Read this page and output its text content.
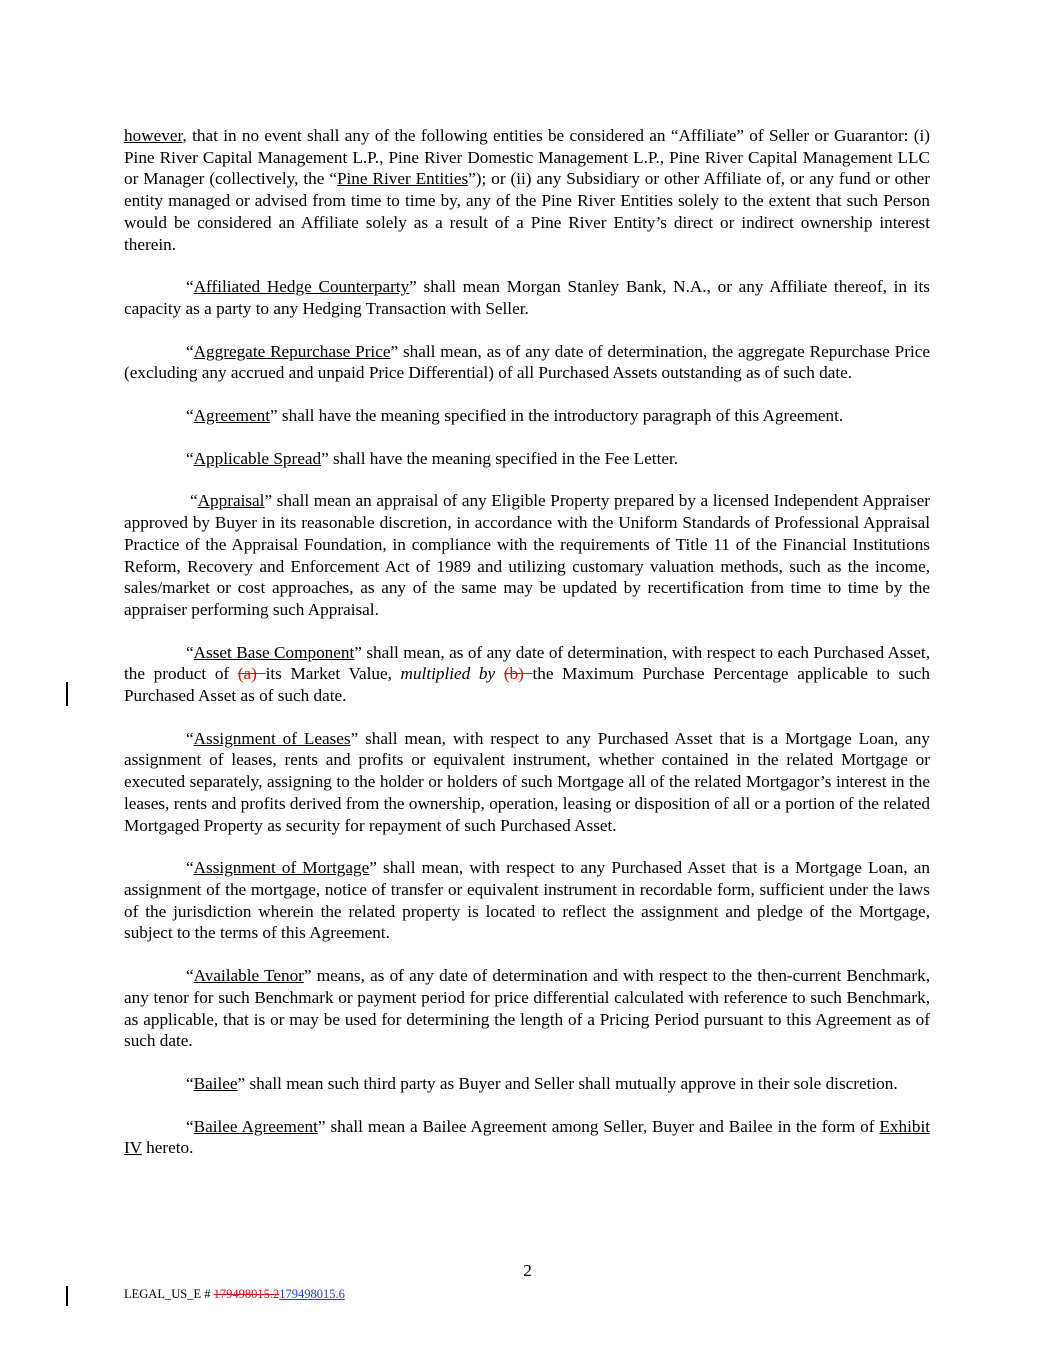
however, that in no event shall any of the following entities be considered an “Affiliate” of Seller or Guarantor: (i) Pine River Capital Management L.P., Pine River Domestic Management L.P., Pine River Capital Management LLC or Manager (collectively, the “Pine River Entities”); or (ii) any Subsidiary or other Affiliate of, or any fund or other entity managed or advised from time to time by, any of the Pine River Entities solely to the extent that such Person would be considered an Affiliate solely as a result of a Pine River Entity’s direct or indirect ownership interest therein.

“Affiliated Hedge Counterparty” shall mean Morgan Stanley Bank, N.A., or any Affiliate thereof, in its capacity as a party to any Hedging Transaction with Seller.

“Aggregate Repurchase Price” shall mean, as of any date of determination, the aggregate Repurchase Price (excluding any accrued and unpaid Price Differential) of all Purchased Assets outstanding as of such date.

“Agreement” shall have the meaning specified in the introductory paragraph of this Agreement.

“Applicable Spread” shall have the meaning specified in the Fee Letter.

“Appraisal” shall mean an appraisal of any Eligible Property prepared by a licensed Independent Appraiser approved by Buyer in its reasonable discretion, in accordance with the Uniform Standards of Professional Appraisal Practice of the Appraisal Foundation, in compliance with the requirements of Title 11 of the Financial Institutions Reform, Recovery and Enforcement Act of 1989 and utilizing customary valuation methods, such as the income, sales/market or cost approaches, as any of the same may be updated by recertification from time to time by the appraiser performing such Appraisal.

“Asset Base Component” shall mean, as of any date of determination, with respect to each Purchased Asset, the product of (a) its Market Value, multiplied by (b) the Maximum Purchase Percentage applicable to such Purchased Asset as of such date.

“Assignment of Leases” shall mean, with respect to any Purchased Asset that is a Mortgage Loan, any assignment of leases, rents and profits or equivalent instrument, whether contained in the related Mortgage or executed separately, assigning to the holder or holders of such Mortgage all of the related Mortgagor’s interest in the leases, rents and profits derived from the ownership, operation, leasing or disposition of all or a portion of the related Mortgaged Property as security for repayment of such Purchased Asset.

“Assignment of Mortgage” shall mean, with respect to any Purchased Asset that is a Mortgage Loan, an assignment of the mortgage, notice of transfer or equivalent instrument in recordable form, sufficient under the laws of the jurisdiction wherein the related property is located to reflect the assignment and pledge of the Mortgage, subject to the terms of this Agreement.

“Available Tenor” means, as of any date of determination and with respect to the then-current Benchmark, any tenor for such Benchmark or payment period for price differential calculated with reference to such Benchmark, as applicable, that is or may be used for determining the length of a Pricing Period pursuant to this Agreement as of such date.

“Bailee” shall mean such third party as Buyer and Seller shall mutually approve in their sole discretion.

“Bailee Agreement” shall mean a Bailee Agreement among Seller, Buyer and Bailee in the form of Exhibit IV hereto.

2
LEGAL_US_E # 179498015.2179498015.6
